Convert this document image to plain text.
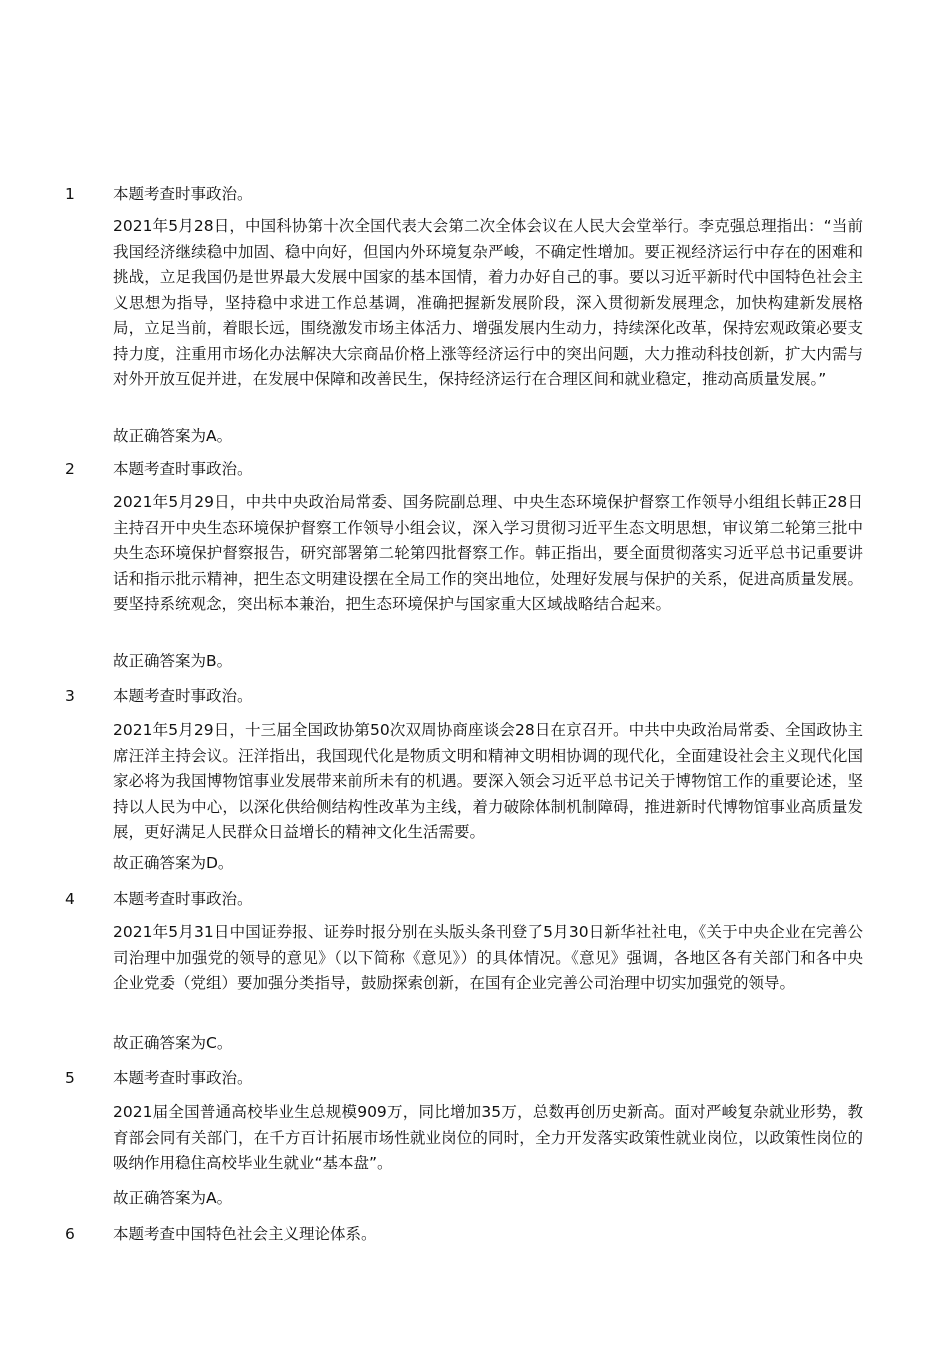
1 本题考查时事政治。
2021年5月28日，中国科协第十次全国代表大会第二次全体会议在人民大会堂举行。李克强总理指出：“当前我国经济继续稳中加固、稳中向好，但国内外环境复杂严峻，不确定性增加。要正视经济运行中存在的困难和挑战，立足我国仍是世界最大发展中国家的基本国情，着力办好自己的事。要以习近平新时代中国特色社会主义思想为指导，坚持稳中求进工作总基调，准确把握新发展阶段，深入贯彻新发展理念，加快构建新发展格局，立足当前，着眼长远，围绕激发市场主体活力、增强发展内生动力，持续深化改革，保持宏观政策必要支持力度，注重用市场化办法解决大宗商品价格上涨等经济运行中的突出问题，大力推动科技创新，扩大内需与对外开放互促并进，在发展中保障和改善民生，保持经济运行在合理区间和就业稳定，推动高质量发展。”
故正确答案为A。
2 本题考查时事政治。
2021年5月29日，中共中央政治局常委、国务院副总理、中央生态环境保护督察工作领导小组组长韩正28日主持召开中央生态环境保护督察工作领导小组会议，深入学习贯彻习近平生态文明思想，审议第二轮第三批中央生态环境保护督察报告，研究部署第二轮第四批督察工作。韩正指出，要全面贯彻落实习近平总书记重要讲话和指示批示精神，把生态文明建设摆在全局工作的突出地位，处理好发展与保护的关系，促进高质量发展。要坚持系统观念，突出标本兼治，把生态环境保护与国家重大区域战略结合起来。
故正确答案为B。
3 本题考查时事政治。
2021年5月29日，十三届全国政协第50次双周协商座谈会28日在京召开。中共中央政治局常委、全国政协主席汪洋主持会议。汪洋指出，我国现代化是物质文明和精神文明相协调的现代化，全面建设社会主义现代化国家必将为我国博物馆事业发展带来前所未有的机遇。要深入领会习近平总书记关于博物馆工作的重要论述，坚持以人民为中心，以深化供给侧结构性改革为主线，着力破除体制机制障碍，推进新时代博物馆事业高质量发展，更好满足人民群众日益增长的精神文化生活需要。
故正确答案为D。
4 本题考查时事政治。
2021年5月31日中国证券报、证券时报分别在头版头条刊登了5月30日新华社社电，《关于中央企业在完善公司治理中加强党的领导的意见》（以下简称《意见》）的具体情况。《意见》强调，各地区各有关部门和各中央企业党委（党组）要加强分类指导，鼓励探索创新，在国有企业完善公司治理中切实加强党的领导。
故正确答案为C。
5 本题考查时事政治。
2021届全国普通高校毕业生总规模909万，同比增加35万，总数再创历史新高。面对严峻复杂就业形势，教育部会同有关部门，在千方百计拓展市场性就业岗位的同时，全力开发落实政策性就业岗位，以政策性岗位的吸纳作用稳住高校毕业生就业“基本盘”。
故正确答案为A。
6 本题考查中国特色社会主义理论体系。
